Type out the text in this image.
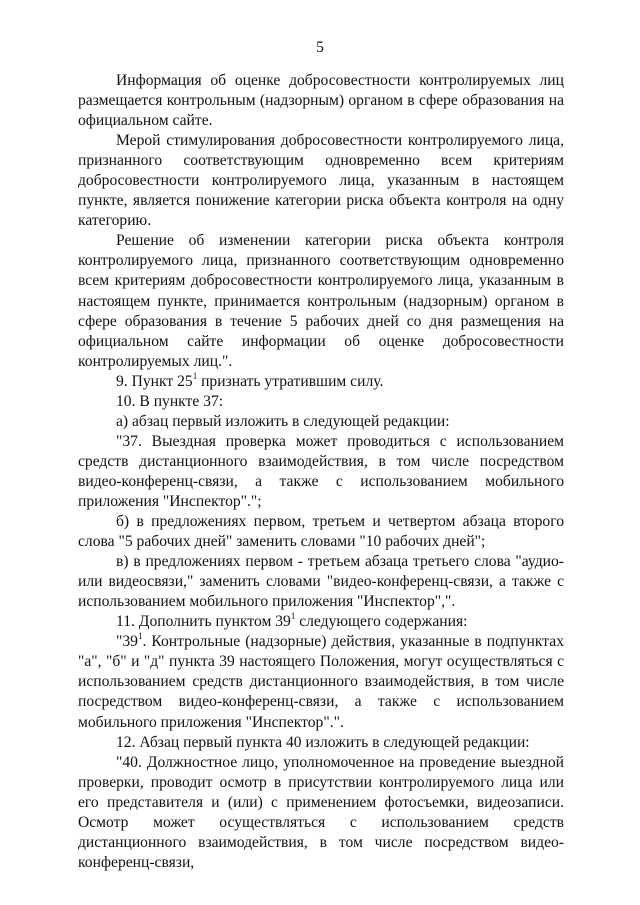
5

Информация об оценке добросовестности контролируемых лиц размещается контрольным (надзорным) органом в сфере образования на официальном сайте.

Мерой стимулирования добросовестности контролируемого лица, признанного соответствующим одновременно всем критериям добросовестности контролируемого лица, указанным в настоящем пункте, является понижение категории риска объекта контроля на одну категорию.

Решение об изменении категории риска объекта контроля контролируемого лица, признанного соответствующим одновременно всем критериям добросовестности контролируемого лица, указанным в настоящем пункте, принимается контрольным (надзорным) органом в сфере образования в течение 5 рабочих дней со дня размещения на официальном сайте информации об оценке добросовестности контролируемых лиц.".

9. Пункт $25^1$ признать утратившим силу.

10. В пункте 37:

а) абзац первый изложить в следующей редакции:

"37. Выездная проверка может проводиться с использованием средств дистанционного взаимодействия, в том числе посредством видео-конференц-связи, а также с использованием мобильного приложения "Инспектор".";

б) в предложениях первом, третьем и четвертом абзаца второго слова "5 рабочих дней" заменить словами "10 рабочих дней";

в) в предложениях первом - третьем абзаца третьего слова "аудио- или видеосвязи," заменить словами "видео-конференц-связи, а также с использованием мобильного приложения "Инспектор",".

11. Дополнить пунктом $39^1$ следующего содержания:

"$39^1$. Контрольные (надзорные) действия, указанные в подпунктах "а", "б" и "д" пункта 39 настоящего Положения, могут осуществляться с использованием средств дистанционного взаимодействия, в том числе посредством видео-конференц-связи, а также с использованием мобильного приложения "Инспектор".".

12. Абзац первый пункта 40 изложить в следующей редакции:

"40. Должностное лицо, уполномоченное на проведение выездной проверки, проводит осмотр в присутствии контролируемого лица или его представителя и (или) с применением фотосъемки, видеозаписи. Осмотр может осуществляться с использованием средств дистанционного взаимодействия, в том числе посредством видео-конференц-связи,
